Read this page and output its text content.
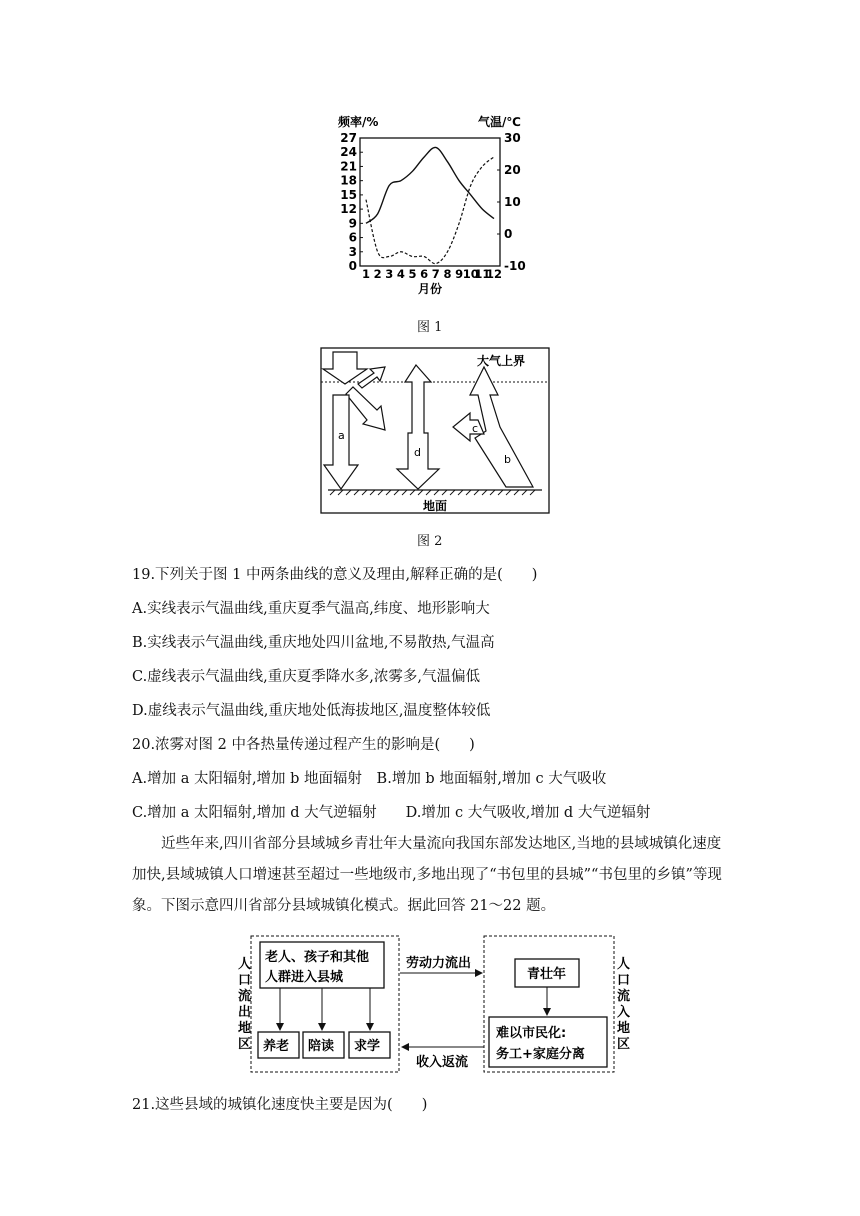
频率/%	气温/℃
0
3
6
9
12
15
18
21
24
27
-10
0
10
20
30
1 2 3 4 5 6 7 8 9 10
11
12
月份
图 1
大气上界
地面
a
d
c
b
图 2
19.下列关于图 1 中两条曲线的意义及理由,解释正确的是(　　)
A.实线表示气温曲线,重庆夏季气温高,纬度、地形影响大
B.实线表示气温曲线,重庆地处四川盆地,不易散热,气温高
C.虚线表示气温曲线,重庆夏季降水多,浓雾多,气温偏低
D.虚线表示气温曲线,重庆地处低海拔地区,温度整体较低
20.浓雾对图 2 中各热量传递过程产生的影响是(　　)
A.增加 a 太阳辐射,增加 b 地面辐射　B.增加 b 地面辐射,增加 c 大气吸收
C.增加 a 太阳辐射,增加 d 大气逆辐射　　D.增加 c 大气吸收,增加 d 大气逆辐射
近些年来,四川省部分县域城乡青壮年大量流向我国东部发达地区,当地的县域城镇化速度加快,县域城镇人口增速甚至超过一些地级市,多地出现了“书包里的县城”“书包里的乡镇”等现象。下图示意四川省部分县域城镇化模式。据此回答 21～22 题。
人口流出地区
老人、孩子和其他
人群进入县城
养老 陪读 求学
劳动力流出
收入返流
人口流入地区
青壮年
难以市民化:
务工+家庭分离
21.这些县域的城镇化速度快主要是因为(　　)
